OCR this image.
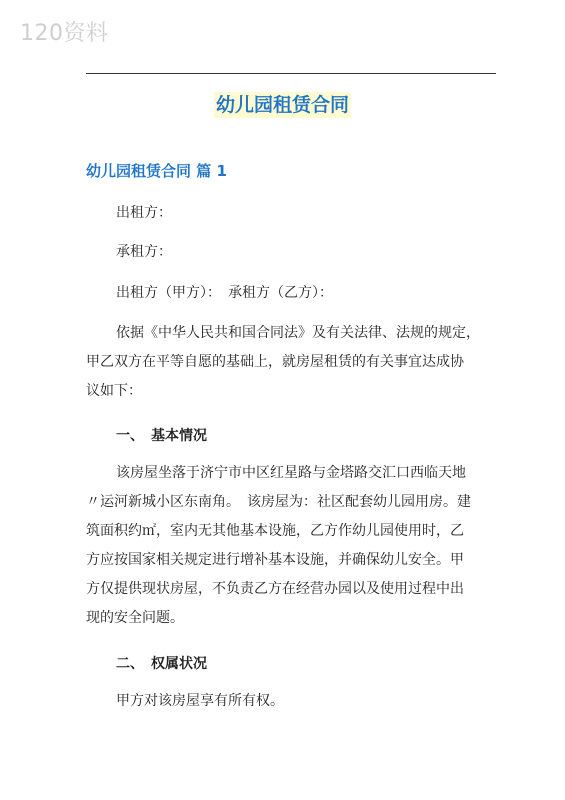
120资料
幼儿园租赁合同
幼儿园租赁合同 篇 1
出租方：
承租方：
出租方（甲方）：　承租方（乙方）：
依据《中华人民共和国合同法》及有关法律、法规的规定，
甲乙双方在平等自愿的基础上，就房屋租赁的有关事宜达成协
议如下：
一、　基本情况
该房屋坐落于济宁市中区红星路与金塔路交汇口西临天地
〃运河新城小区东南角。　该房屋为：社区配套幼儿园用房。建
筑面积约㎡，室内无其他基本设施，乙方作幼儿园使用时，乙
方应按国家相关规定进行增补基本设施，并确保幼儿安全。甲
方仅提供现状房屋，不负责乙方在经营办园以及使用过程中出
现的安全问题。
二、　权属状况
甲方对该房屋享有所有权。
